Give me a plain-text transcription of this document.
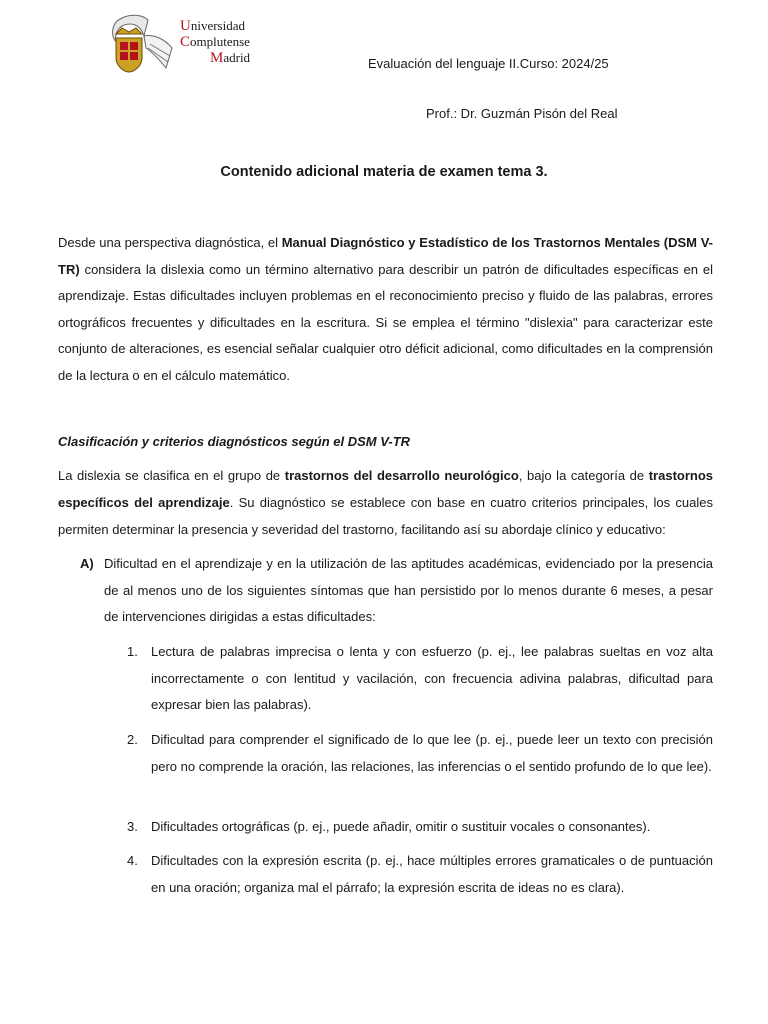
Universidad
Complutense
Madrid	Evaluación del lenguaje II.Curso: 2024/25
Prof.: Dr. Guzmán Pisón del Real
Contenido adicional materia de examen tema 3.
Desde una perspectiva diagnóstica, el Manual Diagnóstico y Estadístico de los Trastornos Mentales (DSM V-TR) considera la dislexia como un término alternativo para describir un patrón de dificultades específicas en el aprendizaje. Estas dificultades incluyen problemas en el reconocimiento preciso y fluido de las palabras, errores ortográficos frecuentes y dificultades en la escritura. Si se emplea el término "dislexia" para caracterizar este conjunto de alteraciones, es esencial señalar cualquier otro déficit adicional, como dificultades en la comprensión de la lectura o en el cálculo matemático.
Clasificación y criterios diagnósticos según el DSM V-TR
La dislexia se clasifica en el grupo de trastornos del desarrollo neurológico, bajo la categoría de trastornos específicos del aprendizaje. Su diagnóstico se establece con base en cuatro criterios principales, los cuales permiten determinar la presencia y severidad del trastorno, facilitando así su abordaje clínico y educativo:
A) Dificultad en el aprendizaje y en la utilización de las aptitudes académicas, evidenciado por la presencia de al menos uno de los siguientes síntomas que han persistido por lo menos durante 6 meses, a pesar de intervenciones dirigidas a estas dificultades:
1.	Lectura de palabras imprecisa o lenta y con esfuerzo (p. ej., lee palabras sueltas en voz alta incorrectamente o con lentitud y vacilación, con frecuencia adivina palabras, dificultad para expresar bien las palabras).
2.	Dificultad para comprender el significado de lo que lee (p. ej., puede leer un texto con precisión pero no comprende la oración, las relaciones, las inferencias o el sentido profundo de lo que lee).
3.	Dificultades ortográficas (p. ej., puede añadir, omitir o sustituir vocales o consonantes).
4.	Dificultades con la expresión escrita (p. ej., hace múltiples errores gramaticales o de puntuación en una oración; organiza mal el párrafo; la expresión escrita de ideas no es clara).
